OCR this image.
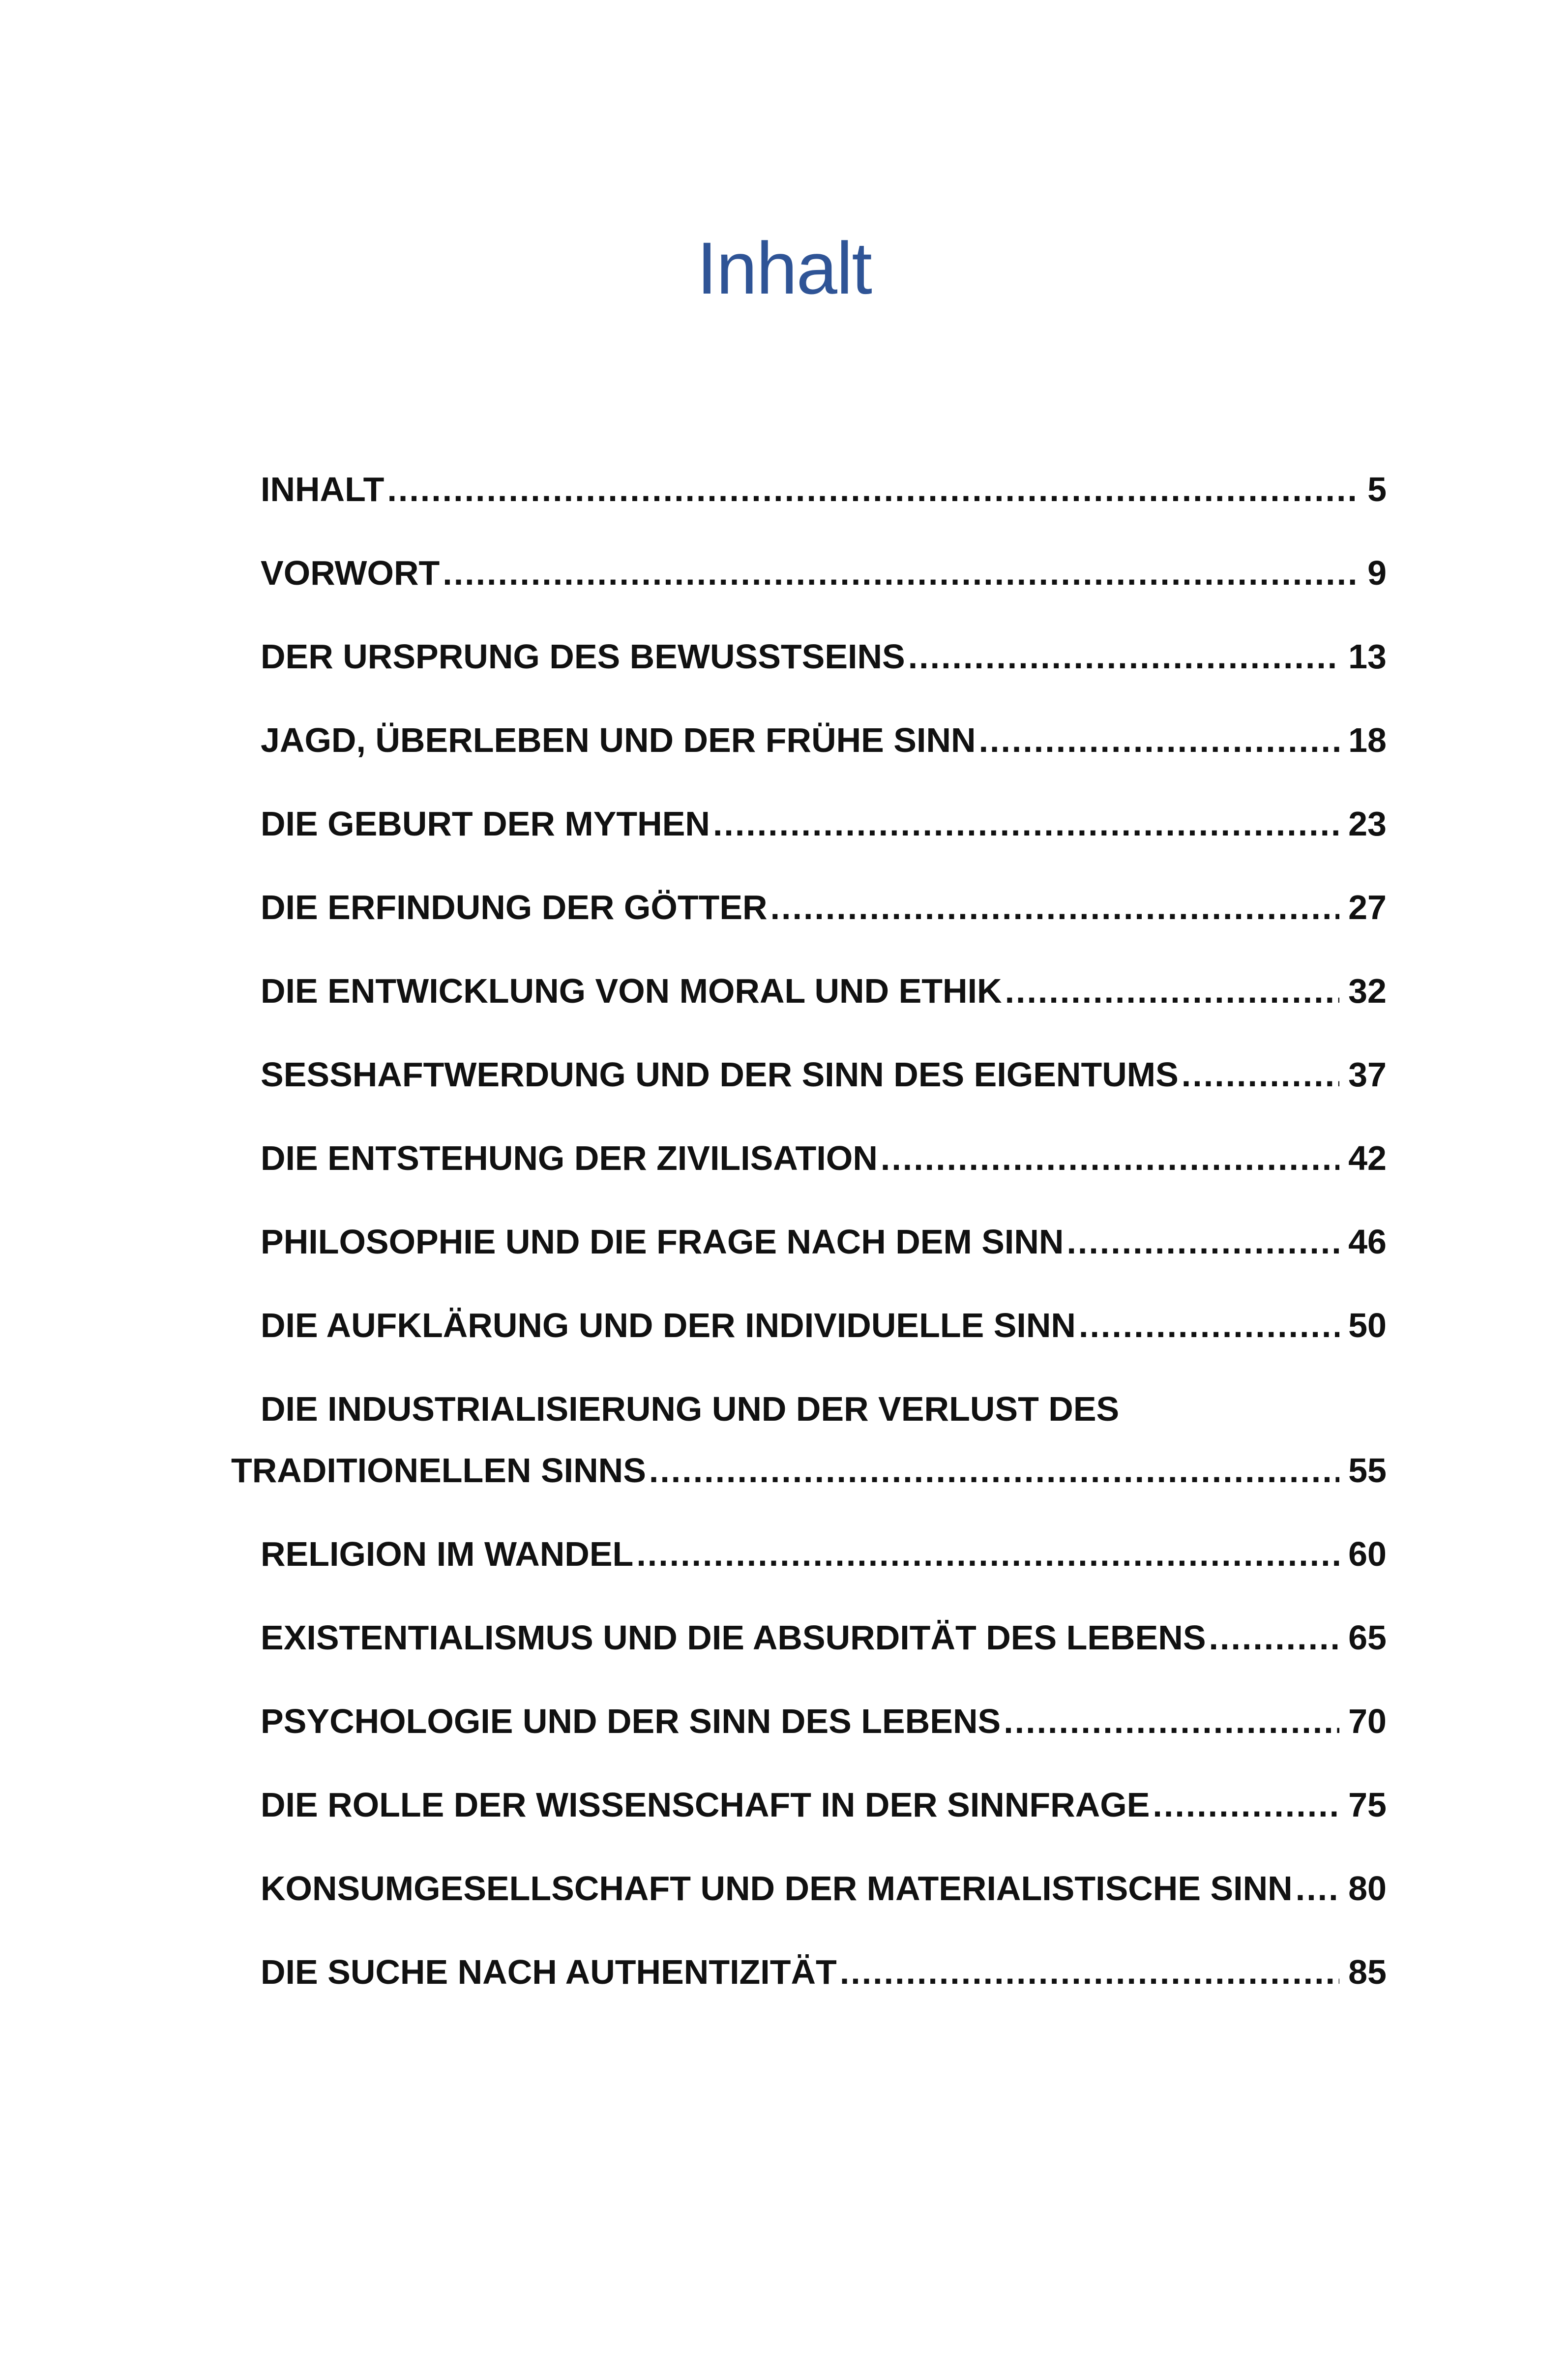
Inhalt
INHALT .....	5
VORWORT .....	9
DER URSPRUNG DES BEWUSSTSEINS .....	13
JAGD, ÜBERLEBEN UND DER FRÜHE SINN .....	18
DIE GEBURT DER MYTHEN .....	23
DIE ERFINDUNG DER GÖTTER .....	27
DIE ENTWICKLUNG VON MORAL UND ETHIK .....	32
SESSHAFTWERDUNG UND DER SINN DES EIGENTUMS .....	37
DIE ENTSTEHUNG DER ZIVILISATION .....	42
PHILOSOPHIE UND DIE FRAGE NACH DEM SINN .....	46
DIE AUFKLÄRUNG UND DER INDIVIDUELLE SINN .....	50
DIE INDUSTRIALISIERUNG UND DER VERLUST DES
TRADITIONELLEN SINNS .....	55
RELIGION IM WANDEL .....	60
EXISTENTIALISMUS UND DIE ABSURDITÄT DES LEBENS .....	65
PSYCHOLOGIE UND DER SINN DES LEBENS .....	70
DIE ROLLE DER WISSENSCHAFT IN DER SINNFRAGE .....	75
KONSUMGESELLSCHAFT UND DER MATERIALISTISCHE SINN ..... 80
DIE SUCHE NACH AUTHENTIZITÄT .....	85
